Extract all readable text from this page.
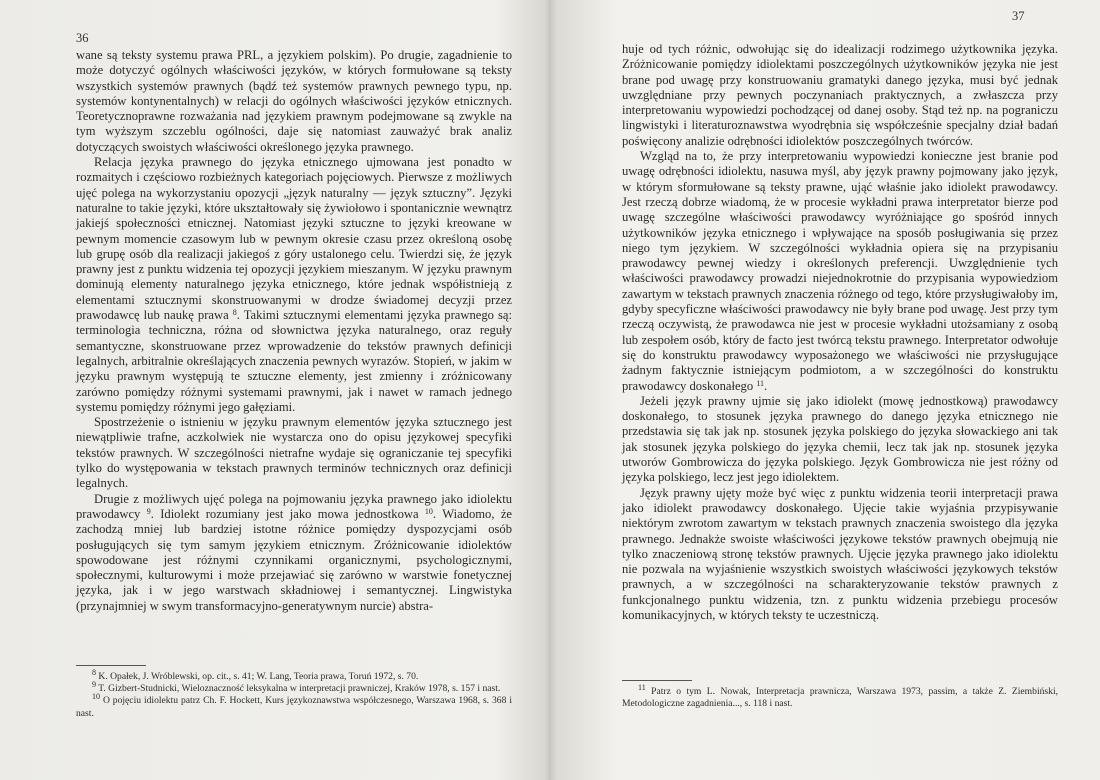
36

wane są teksty systemu prawa PRL, a językiem polskim). Po drugie, zagadnienie to może dotyczyć ogólnych właściwości języków, w których formułowane są teksty wszystkich systemów prawnych (bądź też systemów prawnych pewnego typu, np. systemów kontynentalnych) w relacji do ogólnych właściwości języków etnicznych. Teoretycznoprawne rozważania nad językiem prawnym podejmowane są zwykle na tym wyższym szczeblu ogólności, daje się natomiast zauważyć brak analiz dotyczących swoistych właściwości określonego języka prawnego.

Relacja języka prawnego do języka etnicznego ujmowana jest ponadto w rozmaitych i częściowo rozbieżnych kategoriach pojęciowych. Pierwsze z możliwych ujęć polega na wykorzystaniu opozycji „język naturalny — język sztuczny”. Języki naturalne to takie języki, które ukształtowały się żywiołowo i spontanicznie wewnątrz jakiejś społeczności etnicznej. Natomiast języki sztuczne to języki kreowane w pewnym momencie czasowym lub w pewnym okresie czasu przez określoną osobę lub grupę osób dla realizacji jakiegoś z góry ustalonego celu. Twierdzi się, że język prawny jest z punktu widzenia tej opozycji językiem mieszanym. W języku prawnym dominują elementy naturalnego języka etnicznego, które jednak współistnieją z elementami sztucznymi skonstruowanymi w drodze świadomej decyzji przez prawodawcę lub naukę prawa $^8$. Takimi sztucznymi elementami języka prawnego są: terminologia techniczna, różna od słownictwa języka naturalnego, oraz reguły semantyczne, skonstruowane przez wprowadzenie do tekstów prawnych definicji legalnych, arbitralnie określających znaczenia pewnych wyrazów. Stopień, w jakim w języku prawnym występują te sztuczne elementy, jest zmienny i zróżnicowany zarówno pomiędzy różnymi systemami prawnymi, jak i nawet w ramach jednego systemu pomiędzy różnymi jego gałęziami.

Spostrzeżenie o istnieniu w języku prawnym elementów języka sztucznego jest niewątpliwie trafne, aczkolwiek nie wystarcza ono do opisu językowej specyfiki tekstów prawnych. W szczególności nietrafne wydaje się ograniczanie tej specyfiki tylko do występowania w tekstach prawnych terminów technicznych oraz definicji legalnych.

Drugie z możliwych ujęć polega na pojmowaniu języka prawnego jako idiolektu prawodawcy $^9$. Idiolekt rozumiany jest jako mowa jednostkowa $^{10}$. Wiadomo, że zachodzą mniej lub bardziej istotne różnice pomiędzy dyspozycjami osób posługujących się tym samym językiem etnicznym. Zróżnicowanie idiolektów spowodowane jest różnymi czynnikami organicznymi, psychologicznymi, społecznymi, kulturowymi i może przejawiać się zarówno w warstwie fonetycznej języka, jak i w jego warstwach składniowej i semantycznej. Lingwistyka (przynajmniej w swym transformacyjno-generatywnym nurcie) abstra-

$^8$ K. Opałek, J. Wróblewski, op. cit., s. 41; W. Lang, Teoria prawa, Toruń 1972, s. 70.

$^9$ T. Gizbert-Studnicki, Wieloznaczność leksykalna w interpretacji prawniczej, Kraków 1978, s. 157 i nast.

$^{10}$ O pojęciu idiolektu patrz Ch. F. Hockett, Kurs językoznawstwa współczesnego, Warszawa 1968, s. 368 i nast.

37

huje od tych różnic, odwołując się do idealizacji rodzimego użytkownika języka. Zróżnicowanie pomiędzy idiolektami poszczególnych użytkowników języka nie jest brane pod uwagę przy konstruowaniu gramatyki danego języka, musi być jednak uwzględniane przy pewnych poczynaniach praktycznych, a zwłaszcza przy interpretowaniu wypowiedzi pochodzącej od danej osoby. Stąd też np. na pograniczu lingwistyki i literaturoznawstwa wyodrębnia się współcześnie specjalny dział badań poświęcony analizie odrębności idiolektów poszczególnych twórców.

Wzgląd na to, że przy interpretowaniu wypowiedzi konieczne jest branie pod uwagę odrębności idiolektu, nasuwa myśl, aby język prawny pojmowany jako język, w którym sformułowane są teksty prawne, ująć właśnie jako idiolekt prawodawcy. Jest rzeczą dobrze wiadomą, że w procesie wykładni prawa interpretator bierze pod uwagę szczególne właściwości prawodawcy wyróżniające go spośród innych użytkowników języka etnicznego i wpływające na sposób posługiwania się przez niego tym językiem. W szczególności wykładnia opiera się na przypisaniu prawodawcy pewnej wiedzy i określonych preferencji. Uwzględnienie tych właściwości prawodawcy prowadzi niejednokrotnie do przypisania wypowiedziom zawartym w tekstach prawnych znaczenia różnego od tego, które przysługiwałoby im, gdyby specyficzne właściwości prawodawcy nie były brane pod uwagę. Jest przy tym rzeczą oczywistą, że prawodawca nie jest w procesie wykładni utożsamiany z osobą lub zespołem osób, który de facto jest twórcą tekstu prawnego. Interpretator odwołuje się do konstruktu prawodawcy wyposażonego we właściwości nie przysługujące żadnym faktycznie istniejącym podmiotom, a w szczególności do konstruktu prawodawcy doskonałego $^{11}$.

Jeżeli język prawny ujmie się jako idiolekt (mowę jednostkową) prawodawcy doskonałego, to stosunek języka prawnego do danego języka etnicznego nie przedstawia się tak jak np. stosunek języka polskiego do języka słowackiego ani tak jak stosunek języka polskiego do języka chemii, lecz tak jak np. stosunek języka utworów Gombrowicza do języka polskiego. Język Gombrowicza nie jest różny od języka polskiego, lecz jest jego idiolektem.

Język prawny ujęty może być więc z punktu widzenia teorii interpretacji prawa jako idiolekt prawodawcy doskonałego. Ujęcie takie wyjaśnia przypisywanie niektórym zwrotom zawartym w tekstach prawnych znaczenia swoistego dla języka prawnego. Jednakże swoiste właściwości językowe tekstów prawnych obejmują nie tylko znaczeniową stronę tekstów prawnych. Ujęcie języka prawnego jako idiolektu nie pozwala na wyjaśnienie wszystkich swoistych właściwości językowych tekstów prawnych, a w szczególności na scharakteryzowanie tekstów prawnych z funkcjonalnego punktu widzenia, tzn. z punktu widzenia przebiegu procesów komunikacyjnych, w których teksty te uczestniczą.

$^{11}$ Patrz o tym L. Nowak, Interpretacja prawnicza, Warszawa 1973, passim, a także Z. Ziembiński, Metodologiczne zagadnienia..., s. 118 i nast.
